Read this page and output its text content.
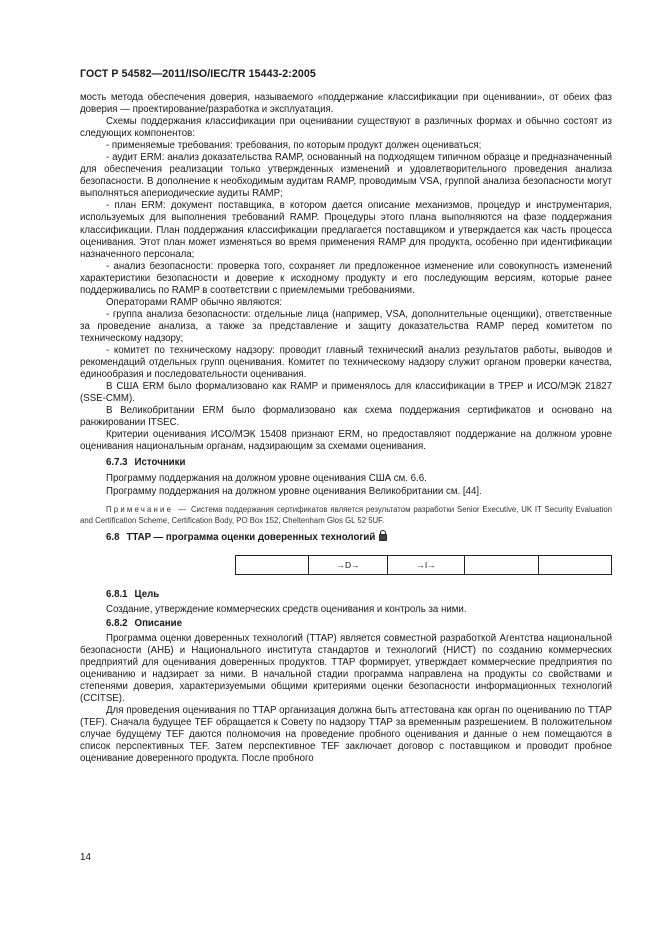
ГОСТ Р 54582—2011/ISO/IEC/TR 15443-2:2005

мость метода обеспечения доверия, называемого «поддержание классификации при оценивании», от обеих фаз доверия — проектирование/разработка и эксплуатация.

Схемы поддержания классификации при оценивании существуют в различных формах и обычно состоят из следующих компонентов:

- применяемые требования: требования, по которым продукт должен оцениваться;

- аудит ERM: анализ доказательства RAMP, основанный на подходящем типичном образце и предназначенный для обеспечения реализации только утвержденных изменений и удовлетворительного проведения анализа безопасности. В дополнение к необходимым аудитам RAMP, проводимым VSA, группой анализа безопасности могут выполняться апериодические аудиты RAMP;

- план ERM: документ поставщика, в котором дается описание механизмов, процедур и инструментария, используемых для выполнения требований RAMP. Процедуры этого плана выполняются на фазе поддержания классификации. План поддержания классификации предлагается поставщиком и утверждается как часть процесса оценивания. Этот план может изменяться во время применения RAMP для продукта, особенно при идентификации назначенного персонала;

- анализ безопасности: проверка того, сохраняет ли предложенное изменение или совокупность изменений характеристики безопасности и доверие к исходному продукту и его последующим версиям, которые ранее поддерживались по RAMP в соответствии с приемлемыми требованиями.

Операторами RAMP обычно являются:

- группа анализа безопасности: отдельные лица (например, VSA, дополнительные оценщики), ответственные за проведение анализа, а также за представление и защиту доказательства RAMP перед комитетом по техническому надзору;

- комитет по техническому надзору: проводит главный технический анализ результатов работы, выводов и рекомендаций отдельных групп оценивания. Комитет по техническому надзору служит органом проверки качества, единообразия и последовательности оценивания.

В США ERM было формализовано как RAMP и применялось для классификации в TPEP и ИСО/МЭК 21827 (SSE-CMM).

В Великобритании ERM было формализовано как схема поддержания сертификатов и основано на ранжировании ITSEC.

Критерии оценивания ИСО/МЭК 15408 признают ERM, но предоставляют поддержание на должном уровне оценивания национальным органам, надзирающим за схемами оценивания.

6.7.3 Источники

Программу поддержания на должном уровне оценивания США см. 6.6.

Программу поддержания на должном уровне оценивания Великобритании см. [44].

Примечание — Система поддержания сертификатов является результатом разработки Senior Executive, UK IT Security Evaluation and Certification Scheme, Certification Body, PO Box 152, Cheltenham Glos GL 52 5UF.

6.8 TTAP — программа оценки доверенных технологий
	→D→	→I→		
6.8.1 Цель

Создание, утверждение коммерческих средств оценивания и контроль за ними.

6.8.2 Описание

Программа оценки доверенных технологий (TTAP) является совместной разработкой Агентства национальной безопасности (АНБ) и Национального института стандартов и технологий (НИСТ) по созданию коммерческих предприятий для оценивания доверенных продуктов. TTAP формирует, утверждает коммерческие предприятия по оцениванию и надзирает за ними. В начальной стадии программа направлена на продукты со свойствами и степенями доверия, характеризуемыми общими критериями оценки безопасности информационных технологий (CCITSE).

Для проведения оценивания по TTAP организация должна быть аттестована как орган по оцениванию по TTAP (TEF). Сначала будущее TEF обращается к Совету по надзору TTAP за временным разрешением. В положительном случае будущему TEF даются полномочия на проведение пробного оценивания и данные о нем помещаются в список перспективных TEF. Затем перспективное TEF заключает договор с поставщиком и проводит пробное оценивание доверенного продукта. После пробного

14
